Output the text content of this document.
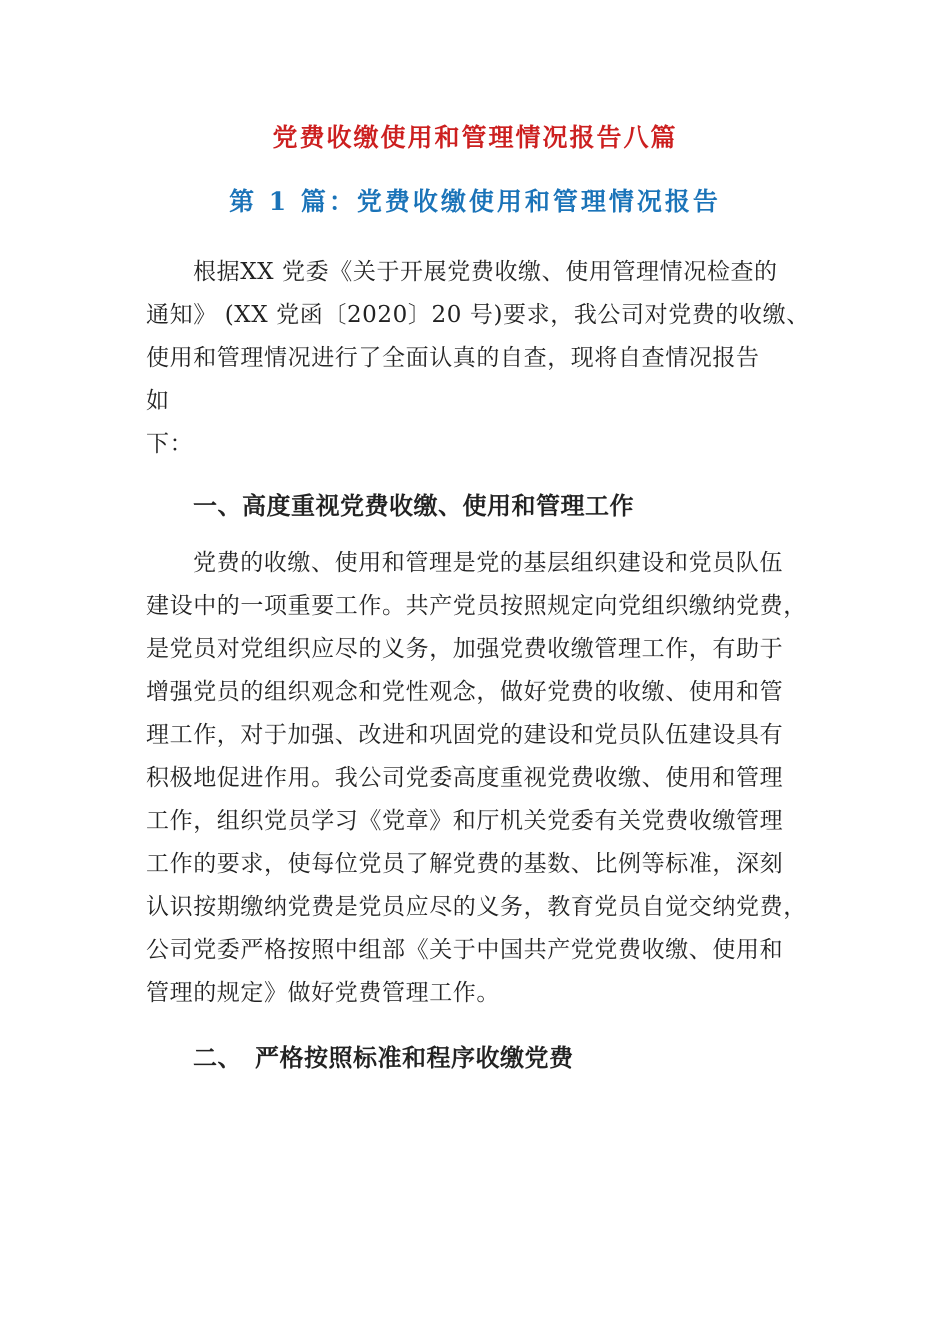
党费收缴使用和管理情况报告八篇
第 1 篇：党费收缴使用和管理情况报告

根据XX 党委《关于开展党费收缴、使用管理情况检查的
通知》 (XX 党函〔2020〕20 号)要求，我公司对党费的收缴、
使用和管理情况进行了全面认真的自查，现将自查情况报告
如
下：

一、高度重视党费收缴、使用和管理工作

党费的收缴、使用和管理是党的基层组织建设和党员队伍
建设中的一项重要工作。共产党员按照规定向党组织缴纳党费，
是党员对党组织应尽的义务，加强党费收缴管理工作，有助于
增强党员的组织观念和党性观念，做好党费的收缴、使用和管
理工作，对于加强、改进和巩固党的建设和党员队伍建设具有
积极地促进作用。我公司党委高度重视党费收缴、使用和管理
工作，组织党员学习《党章》和厅机关党委有关党费收缴管理
工作的要求，使每位党员了解党费的基数、比例等标准，深刻
认识按期缴纳党费是党员应尽的义务，教育党员自觉交纳党费，
公司党委严格按照中组部《关于中国共产党党费收缴、使用和
管理的规定》做好党费管理工作。

二、 严格按照标准和程序收缴党费
